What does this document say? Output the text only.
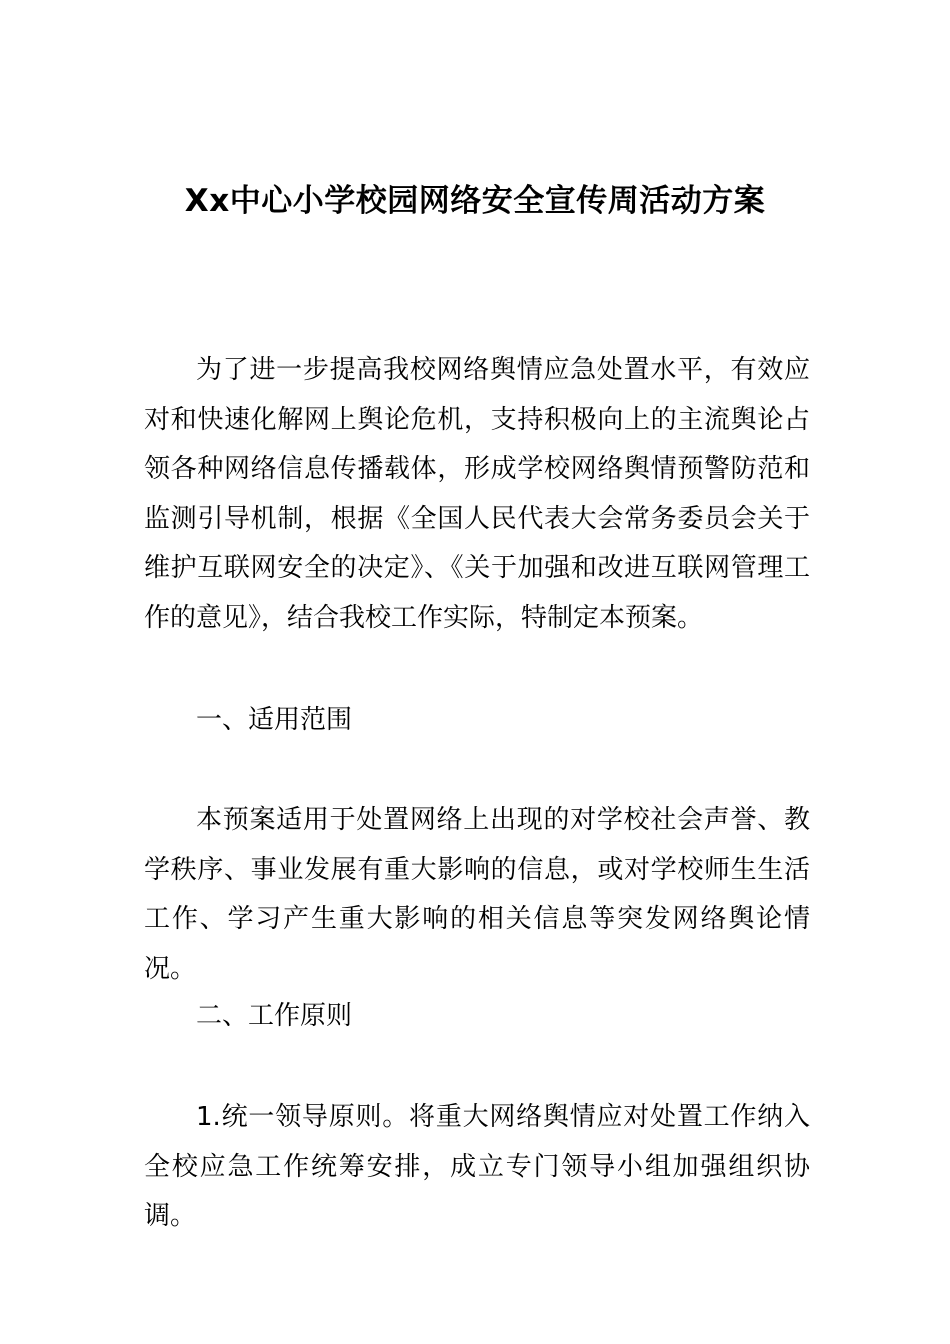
Xx中心小学校园网络安全宣传周活动方案

为了进一步提高我校网络舆情应急处置水平，有效应对和快速化解网上舆论危机，支持积极向上的主流舆论占领各种网络信息传播载体，形成学校网络舆情预警防范和监测引导机制，根据《全国人民代表大会常务委员会关于维护互联网安全的决定》、《关于加强和改进互联网管理工作的意见》，结合我校工作实际，特制定本预案。

一、适用范围

本预案适用于处置网络上出现的对学校社会声誉、教学秩序、事业发展有重大影响的信息，或对学校师生生活工作、学习产生重大影响的相关信息等突发网络舆论情况。

二、工作原则

1.统一领导原则。将重大网络舆情应对处置工作纳入全校应急工作统筹安排，成立专门领导小组加强组织协调。
